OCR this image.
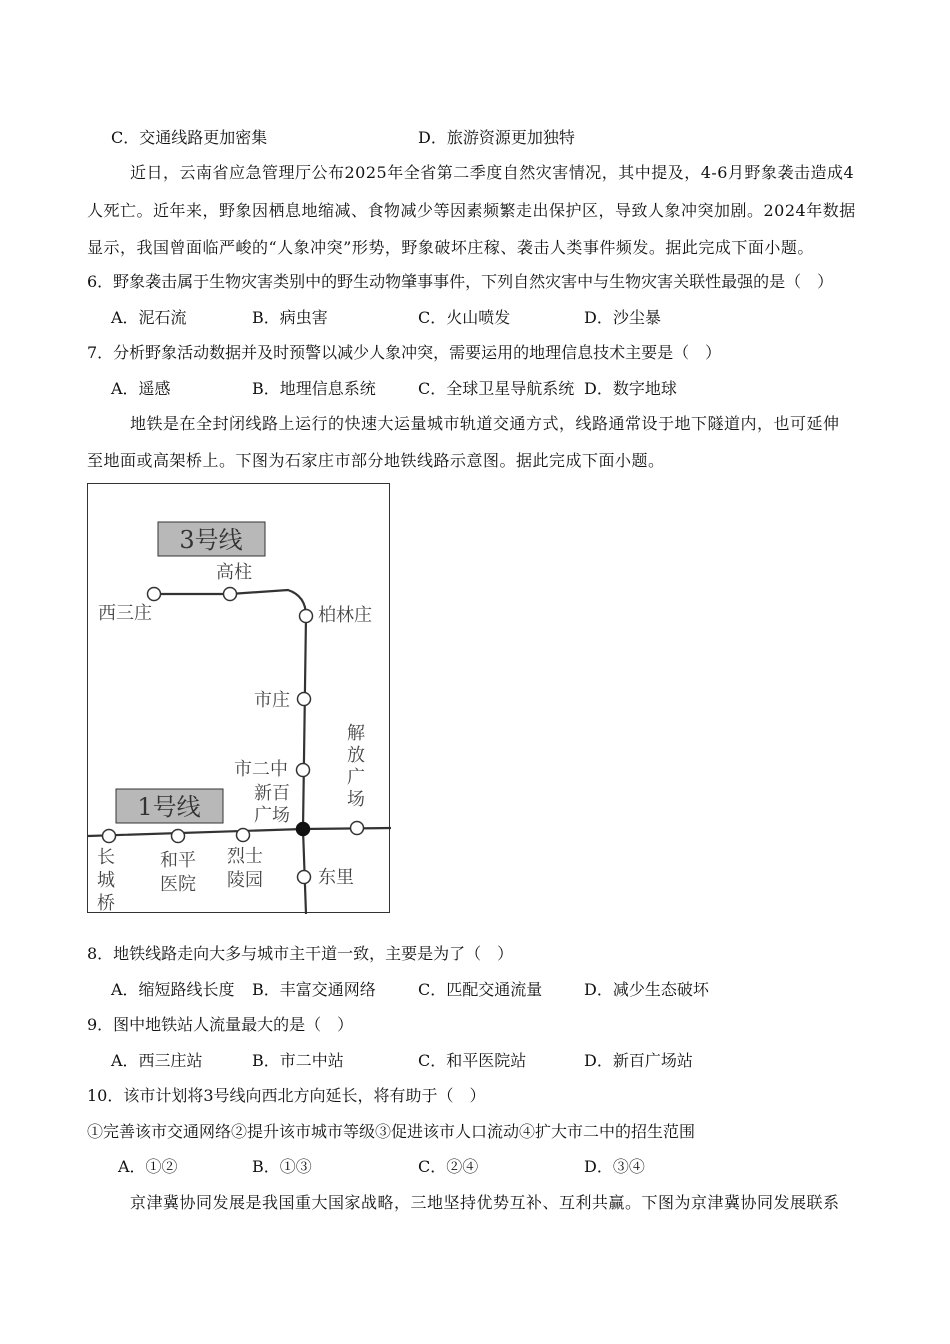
C．交通线路更加密集	D．旅游资源更加独特
近日，云南省应急管理厅公布2025年全省第二季度自然灾害情况，其中提及，4-6月野象袭击造成4
人死亡。近年来，野象因栖息地缩减、食物减少等因素频繁走出保护区，导致人象冲突加剧。2024年数据
显示，我国曾面临严峻的“人象冲突”形势，野象破坏庄稼、袭击人类事件频发。据此完成下面小题。
6．野象袭击属于生物灾害类别中的野生动物肇事事件，下列自然灾害中与生物灾害关联性最强的是（　）
A．泥石流	B．病虫害	C．火山喷发	D．沙尘暴
7．分析野象活动数据并及时预警以减少人象冲突，需要运用的地理信息技术主要是（　）
A．遥感	B．地理信息系统	C．全球卫星导航系统 D．数字地球
地铁是在全封闭线路上运行的快速大运量城市轨道交通方式，线路通常设于地下隧道内，也可延伸
至地面或高架桥上。下图为石家庄市部分地铁线路示意图。据此完成下面小题。
3号线
1号线
西三庄
高柱
柏林庄
市庄
市二中
新百
广场
解
放
广
场
长
城
桥
和平
医院
烈士
陵园	东里
8．地铁线路走向大多与城市主干道一致，主要是为了（　）
A．缩短路线长度 B．丰富交通网络	C．匹配交通流量	D．减少生态破坏
9．图中地铁站人流量最大的是（　）
A．西三庄站	B．市二中站	C．和平医院站	D．新百广场站
10．该市计划将3号线向西北方向延长，将有助于（　）
①完善该市交通网络②提升该市城市等级③促进该市人口流动④扩大市二中的招生范围
A．①②	B．①③	C．②④	D．③④
京津冀协同发展是我国重大国家战略，三地坚持优势互补、互利共赢。下图为京津冀协同发展联系
